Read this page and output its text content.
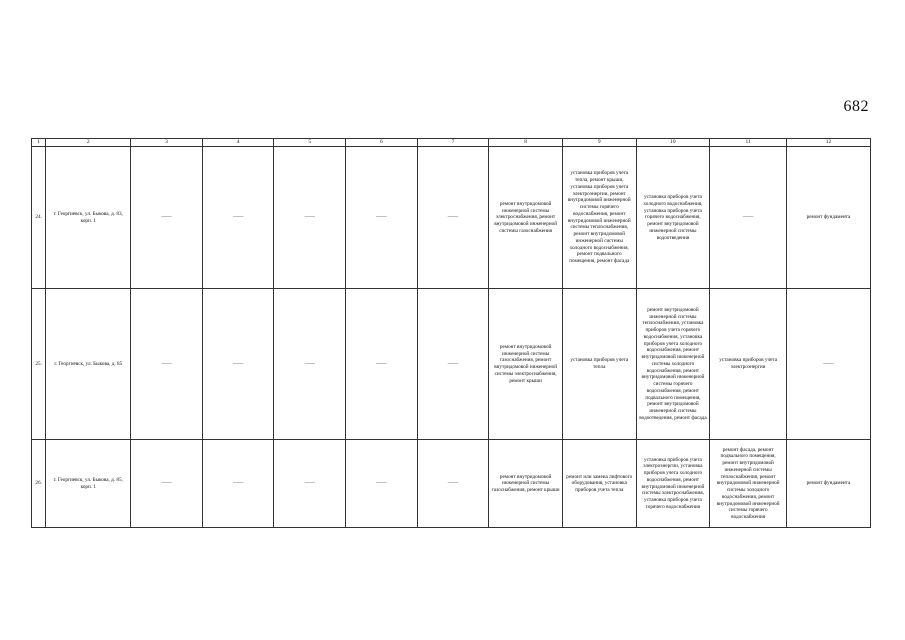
682
1	2	3	4	5	6	7	8	9	10	11	12
24.	г. Георгиевск, ул. Быкова, д. 83, корп. 1	——	——	——	——	——	ремонт внутридомовой инженерной системы электроснабжения, ремонт внутридомовой инженерной системы газоснабжения	установка приборов учета тепла, ремонт крыши, установка приборов учета электроэнергии, ремонт внутридомовой инженерной системы горячего водоснабжения, ремонт внутридомовой инженерной системы теплоснабжения, ремонт внутридомовой инженерной системы холодного водоснабжения, ремонт подвального помещения, ремонт фасада	установка приборов учета холодного водоснабжения, установка приборов учета горячего водоснабжения, ремонт внутридомовой инженерной системы водоотведения	——	ремонт фундамента
25.	г. Георгиевск, ул. Быкова, д. 85	——	——	——	——	——	ремонт внутридомовой инженерной системы газоснабжения, ремонт внутридомовой инженерной системы электроснабжения, ремонт крыши	установка приборов учета тепла	ремонт внутридомовой инженерной системы теплоснабжения, установка приборов учета горячего водоснабжения, установка приборов учета холодного водоснабжения, ремонт внутридомовой инженерной системы холодного водоснабжения, ремонт внутридомовой инженерной системы горячего водоснабжения, ремонт подвального помещения, ремонт внутридомовой инженерной системы водоотведения, ремонт фасада	установка приборов учета электроэнергии	——
26.	г. Георгиевск, ул. Быкова, д. 85, корп. 1	——	——	——	——	——	ремонт внутридомовой инженерной системы газоснабжения, ремонт крыши	ремонт или замена лифтового оборудования, установка приборов учета тепла	установка приборов учета электроэнергии, установка приборов учета холодного водоснабжения, ремонт внутридомовой инженерной системы электроснабжения, установка приборов учета горячего водоснабжения	ремонт фасада, ремонт подвального помещения, ремонт внутридомовой инженерной системы теплоснабжения, ремонт внутридомовой инженерной системы холодного водоснабжения, ремонт внутридомовой инженерной системы горячего водоснабжения	ремонт фундамента
